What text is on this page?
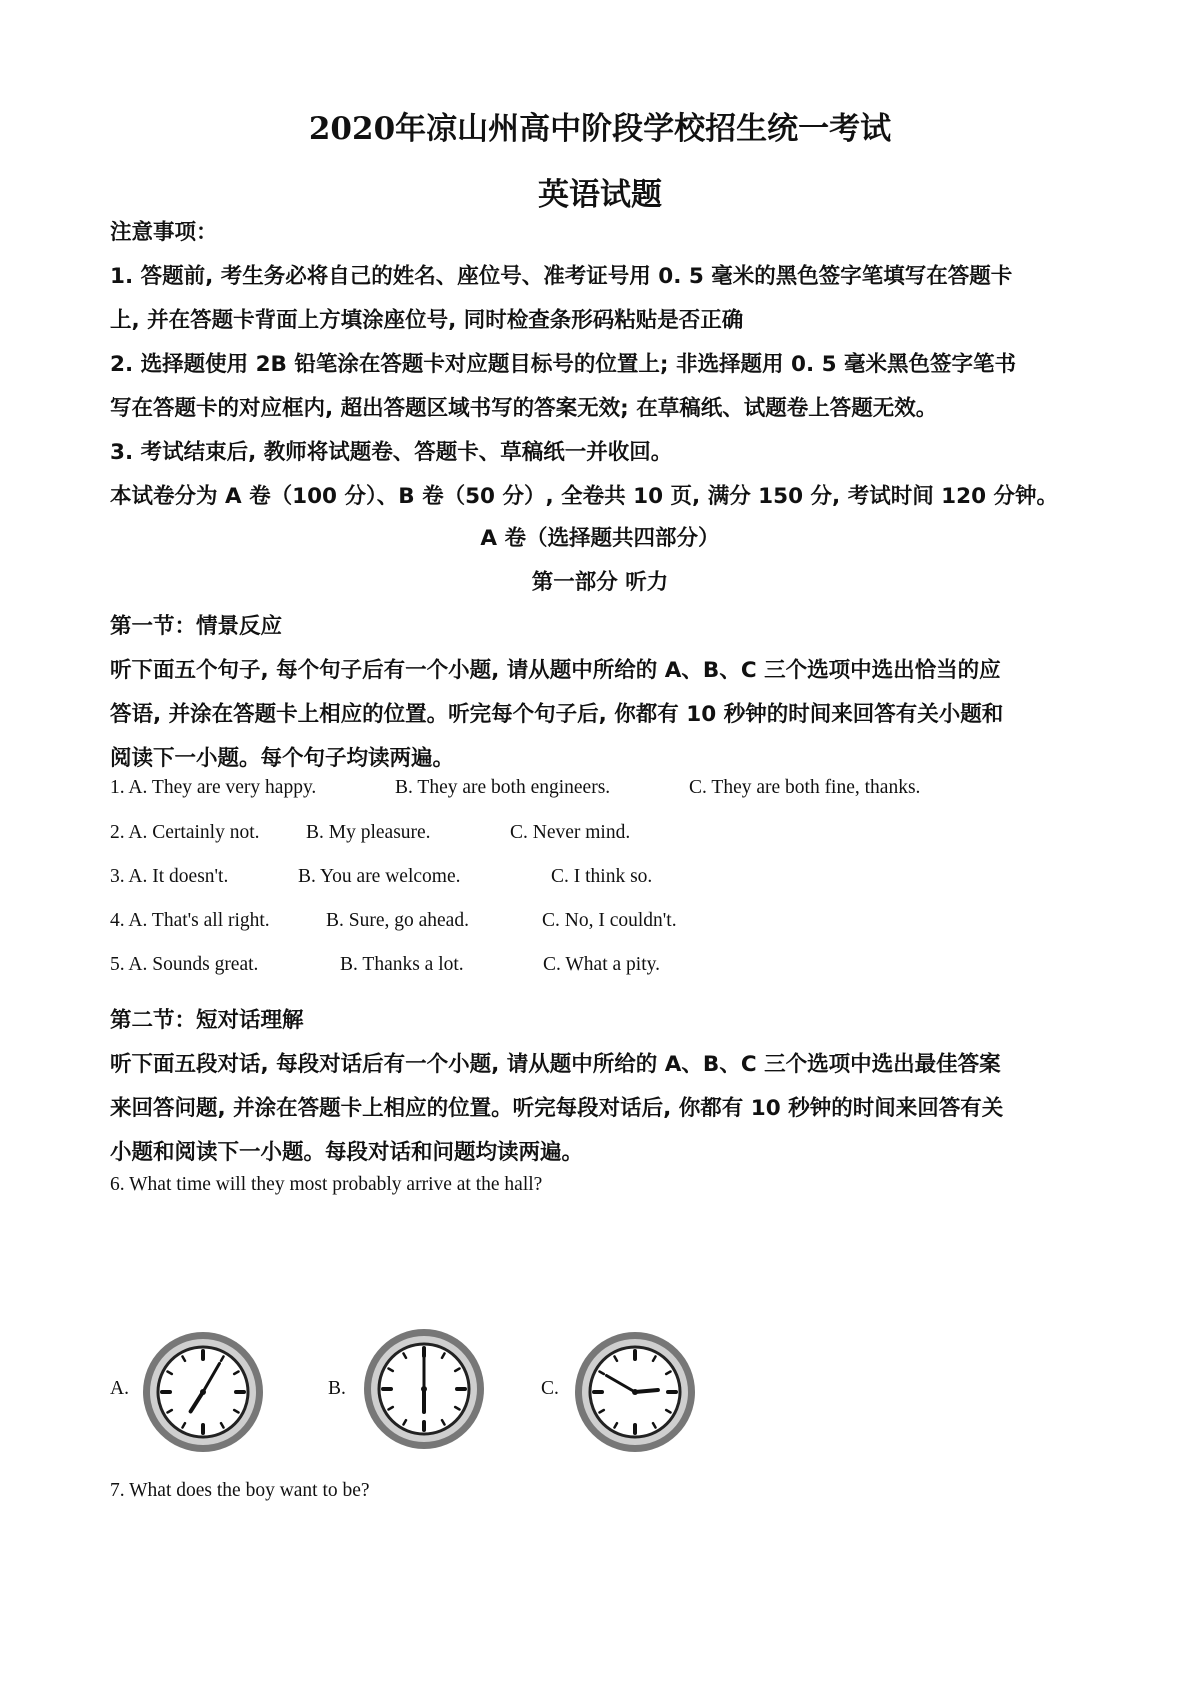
2020年凉山州高中阶段学校招生统一考试
英语试题
注意事项：
1. 答题前, 考生务必将自己的姓名、座位号、准考证号用 0. 5 毫米的黑色签字笔填写在答题卡
上, 并在答题卡背面上方填涂座位号, 同时检查条形码粘贴是否正确
2. 选择题使用 2B 铅笔涂在答题卡对应题目标号的位置上; 非选择题用 0. 5 毫米黑色签字笔书
写在答题卡的对应框内, 超出答题区域书写的答案无效; 在草稿纸、试题卷上答题无效。
3. 考试结束后, 教师将试题卷、答题卡、草稿纸一并收回。
本试卷分为 A 卷（100 分）、B 卷（50 分）, 全卷共 10 页, 满分 150 分, 考试时间 120 分钟。
A 卷（选择题共四部分）
第一部分 听力
第一节：情景反应
听下面五个句子, 每个句子后有一个小题, 请从题中所给的 A、B、C 三个选项中选出恰当的应
答语, 并涂在答题卡上相应的位置。听完每个句子后, 你都有 10 秒钟的时间来回答有关小题和
阅读下一小题。每个句子均读两遍。
1. A. They are very happy.	B. They are both engineers.	C. They are both fine, thanks.
2. A. Certainly not. B. My pleasure.	C. Never mind.
3. A. It doesn't.	B. You are welcome.	C. I think so.
4. A. That's all right.	B. Sure, go ahead.	C. No, I couldn't.
5. A. Sounds great.	B. Thanks a lot.	C. What a pity.
第二节：短对话理解
听下面五段对话, 每段对话后有一个小题, 请从题中所给的 A、B、C 三个选项中选出最佳答案
来回答问题, 并涂在答题卡上相应的位置。听完每段对话后, 你都有 10 秒钟的时间来回答有关
小题和阅读下一小题。每段对话和问题均读两遍。
6. What time will they most probably arrive at the hall?
A.	B.	C.
7. What does the boy want to be?
